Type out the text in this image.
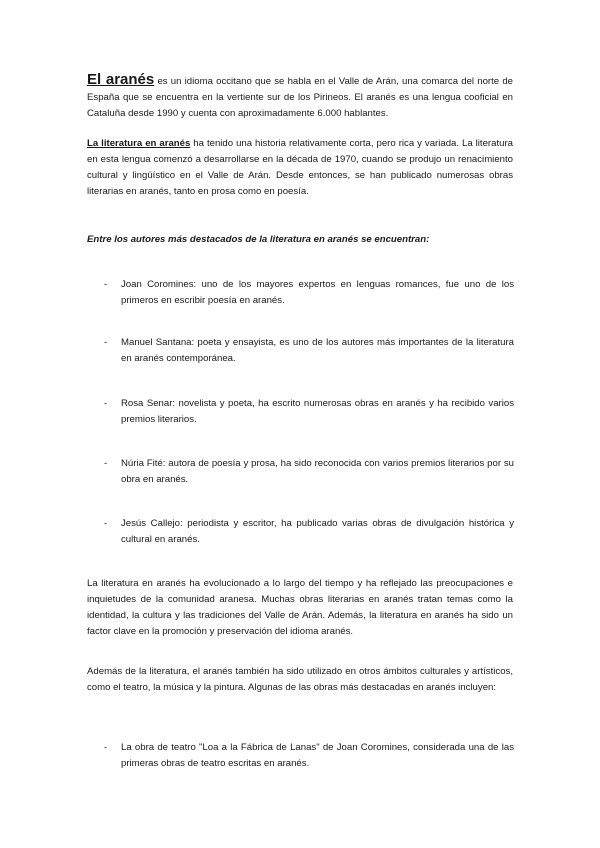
El aranés es un idioma occitano que se habla en el Valle de Arán, una comarca del norte de España que se encuentra en la vertiente sur de los Pirineos. El aranés es una lengua cooficial en Cataluña desde 1990 y cuenta con aproximadamente 6.000 hablantes.

La literatura en aranés ha tenido una historia relativamente corta, pero rica y variada. La literatura en esta lengua comenzó a desarrollarse en la década de 1970, cuando se produjo un renacimiento cultural y lingüístico en el Valle de Arán. Desde entonces, se han publicado numerosas obras literarias en aranés, tanto en prosa como en poesía.

Entre los autores más destacados de la literatura en aranés se encuentran:

- Joan Coromines: uno de los mayores expertos en lenguas romances, fue uno de los primeros en escribir poesía en aranés.
- Manuel Santana: poeta y ensayista, es uno de los autores más importantes de la literatura en aranés contemporánea.
- Rosa Senar: novelista y poeta, ha escrito numerosas obras en aranés y ha recibido varios premios literarios.
- Núria Fité: autora de poesía y prosa, ha sido reconocida con varios premios literarios por su obra en aranés.
- Jesús Callejo: periodista y escritor, ha publicado varias obras de divulgación histórica y cultural en aranés.

La literatura en aranés ha evolucionado a lo largo del tiempo y ha reflejado las preocupaciones e inquietudes de la comunidad aranesa. Muchas obras literarias en aranés tratan temas como la identidad, la cultura y las tradiciones del Valle de Arán. Además, la literatura en aranés ha sido un factor clave en la promoción y preservación del idioma aranés.

Además de la literatura, el aranés también ha sido utilizado en otros ámbitos culturales y artísticos, como el teatro, la música y la pintura. Algunas de las obras más destacadas en aranés incluyen:

- La obra de teatro "Loa a la Fábrica de Lanas" de Joan Coromines, considerada una de las primeras obras de teatro escritas en aranés.
